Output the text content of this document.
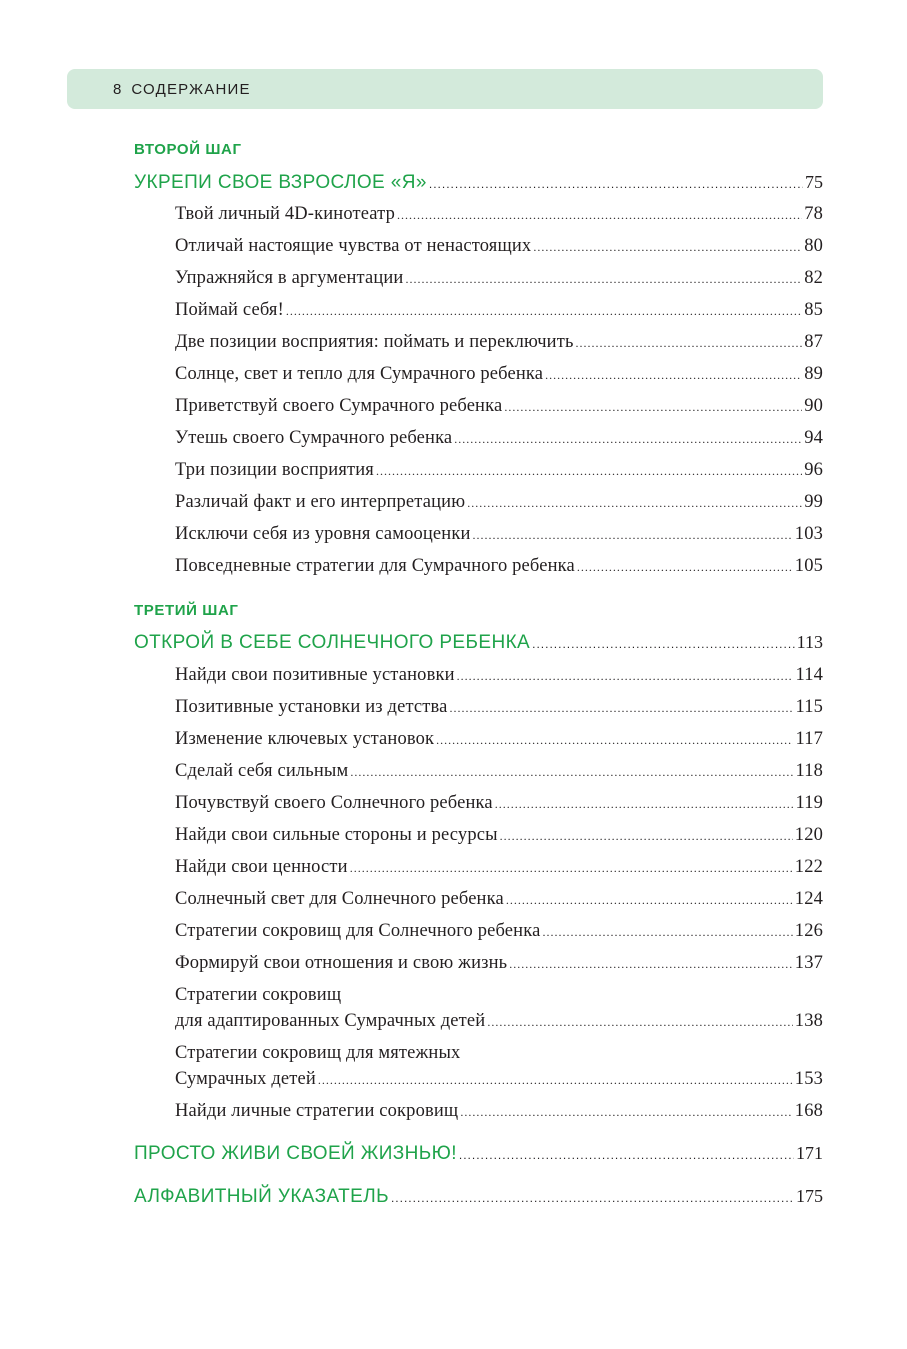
8 СОДЕРЖАНИЕ
ВТОРОЙ ШАГ
УКРЕПИ СВОЕ ВЗРОСЛОЕ «Я» .....	75
Твой личный 4D-кинотеатр .....	78
Отличай настоящие чувства от ненастоящих .....	80
Упражняйся в аргументации .....	82
Поймай себя! .....	85
Две позиции восприятия: поймать и переключить .....	87
Солнце, свет и тепло для Сумрачного ребенка .....	89
Приветствуй своего Сумрачного ребенка .....	90
Утешь своего Сумрачного ребенка .....	94
Три позиции восприятия .....	96
Различай факт и его интерпретацию .....	99
Исключи себя из уровня самооценки .....	103
Повседневные стратегии для Сумрачного ребенка .....	105
ТРЕТИЙ ШАГ
ОТКРОЙ В СЕБЕ СОЛНЕЧНОГО РЕБЕНКА .....	113
Найди свои позитивные установки .....	114
Позитивные установки из детства .....	115
Изменение ключевых установок .....	117
Сделай себя сильным .....	118
Почувствуй своего Солнечного ребенка .....	119
Найди свои сильные стороны и ресурсы .....	120
Найди свои ценности .....	122
Солнечный свет для Солнечного ребенка .....	124
Стратегии сокровищ для Солнечного ребенка .....	126
Формируй свои отношения и свою жизнь .....	137
Стратегии сокровищ
для адаптированных Сумрачных детей .....	138
Стратегии сокровищ для мятежных
Сумрачных детей .....	153
Найди личные стратегии сокровищ .....	168
ПРОСТО ЖИВИ СВОЕЙ ЖИЗНЬЮ! .....	171
АЛФАВИТНЫЙ УКАЗАТЕЛЬ .....	175
